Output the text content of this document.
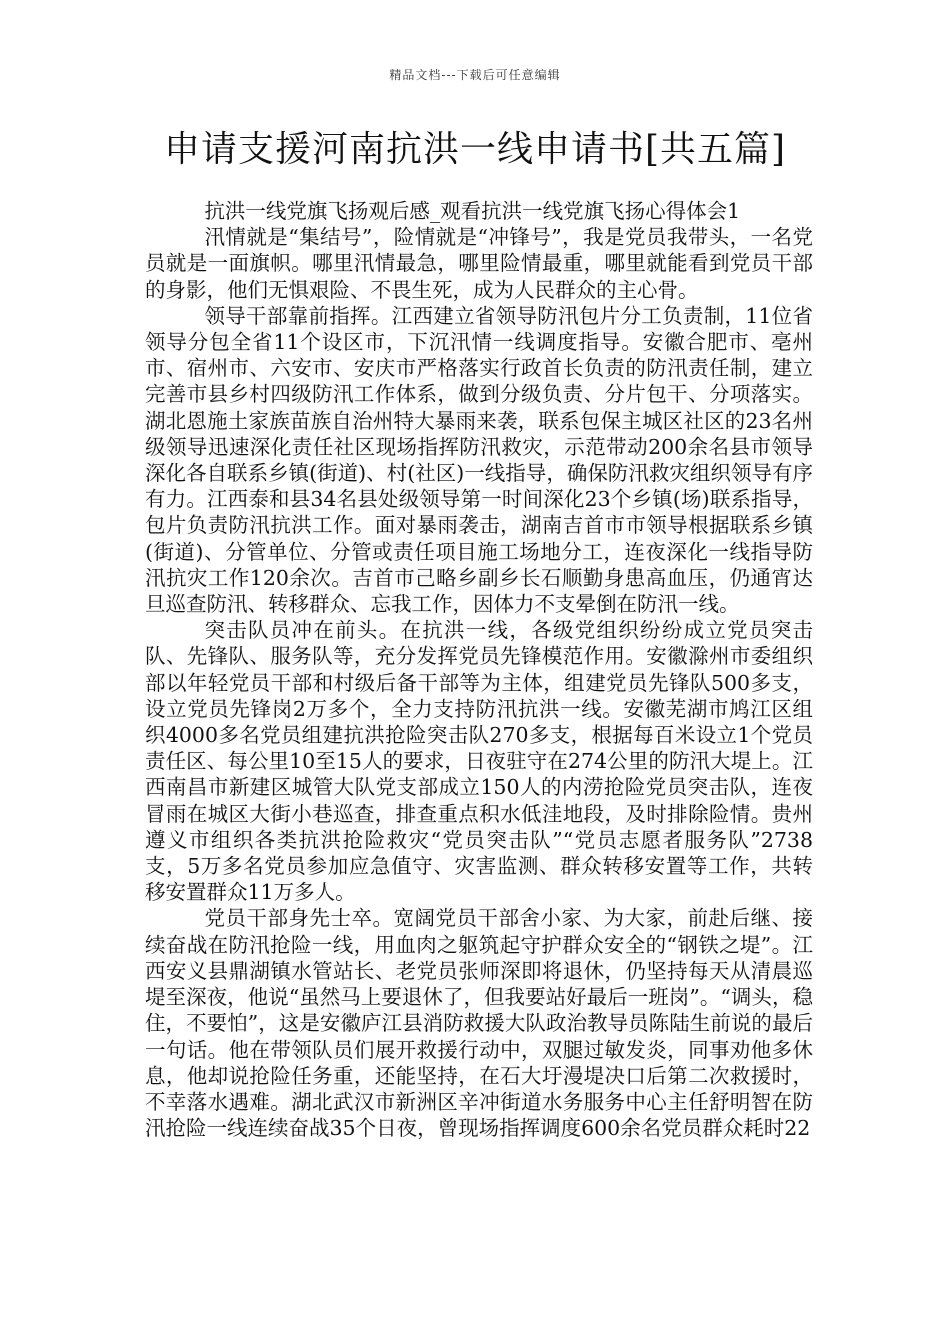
精品文档---下载后可任意编辑
申请支援河南抗洪一线申请书[共五篇]

抗洪一线党旗飞扬观后感_观看抗洪一线党旗飞扬心得体会1

汛情就是“集结号”，险情就是“冲锋号”，我是党员我带头，一名党员就是一面旗帜。哪里汛情最急，哪里险情最重，哪里就能看到党员干部的身影，他们无惧艰险、不畏生死，成为人民群众的主心骨。

领导干部靠前指挥。江西建立省领导防汛包片分工负责制，11位省领导分包全省11个设区市，下沉汛情一线调度指导。安徽合肥市、亳州市、宿州市、六安市、安庆市严格落实行政首长负责的防汛责任制，建立完善市县乡村四级防汛工作体系，做到分级负责、分片包干、分项落实。湖北恩施土家族苗族自治州特大暴雨来袭，联系包保主城区社区的23名州级领导迅速深化责任社区现场指挥防汛救灾，示范带动200余名县市领导深化各自联系乡镇(街道)、村(社区)一线指导，确保防汛救灾组织领导有序有力。江西泰和县34名县处级领导第一时间深化23个乡镇(场)联系指导，包片负责防汛抗洪工作。面对暴雨袭击，湖南吉首市市领导根据联系乡镇(街道)、分管单位、分管或责任项目施工场地分工，连夜深化一线指导防汛抗灾工作120余次。吉首市己略乡副乡长石顺勤身患高血压，仍通宵达旦巡查防汛、转移群众、忘我工作，因体力不支晕倒在防汛一线。

突击队员冲在前头。在抗洪一线，各级党组织纷纷成立党员突击队、先锋队、服务队等，充分发挥党员先锋模范作用。安徽滁州市委组织部以年轻党员干部和村级后备干部等为主体，组建党员先锋队500多支，设立党员先锋岗2万多个，全力支持防汛抗洪一线。安徽芜湖市鸠江区组织4000多名党员组建抗洪抢险突击队270多支，根据每百米设立1个党员责任区、每公里10至15人的要求，日夜驻守在274公里的防汛大堤上。江西南昌市新建区城管大队党支部成立150人的内涝抢险党员突击队，连夜冒雨在城区大街小巷巡查，排查重点积水低洼地段，及时排除险情。贵州遵义市组织各类抗洪抢险救灾“党员突击队”“党员志愿者服务队”2738支，5万多名党员参加应急值守、灾害监测、群众转移安置等工作，共转移安置群众11万多人。

党员干部身先士卒。宽阔党员干部舍小家、为大家，前赴后继、接续奋战在防汛抢险一线，用血肉之躯筑起守护群众安全的“钢铁之堤”。江西安义县鼎湖镇水管站长、老党员张师深即将退休，仍坚持每天从清晨巡堤至深夜，他说“虽然马上要退休了，但我要站好最后一班岗”。“调头，稳住，不要怕”，这是安徽庐江县消防救援大队政治教导员陈陆生前说的最后一句话。他在带领队员们展开救援行动中，双腿过敏发炎，同事劝他多休息，他却说抢险任务重，还能坚持，在石大圩漫堤决口后第二次救援时，不幸落水遇难。湖北武汉市新洲区辛冲街道水务服务中心主任舒明智在防汛抢险一线连续奋战35个日夜，曾现场指挥调度600余名党员群众耗时22
